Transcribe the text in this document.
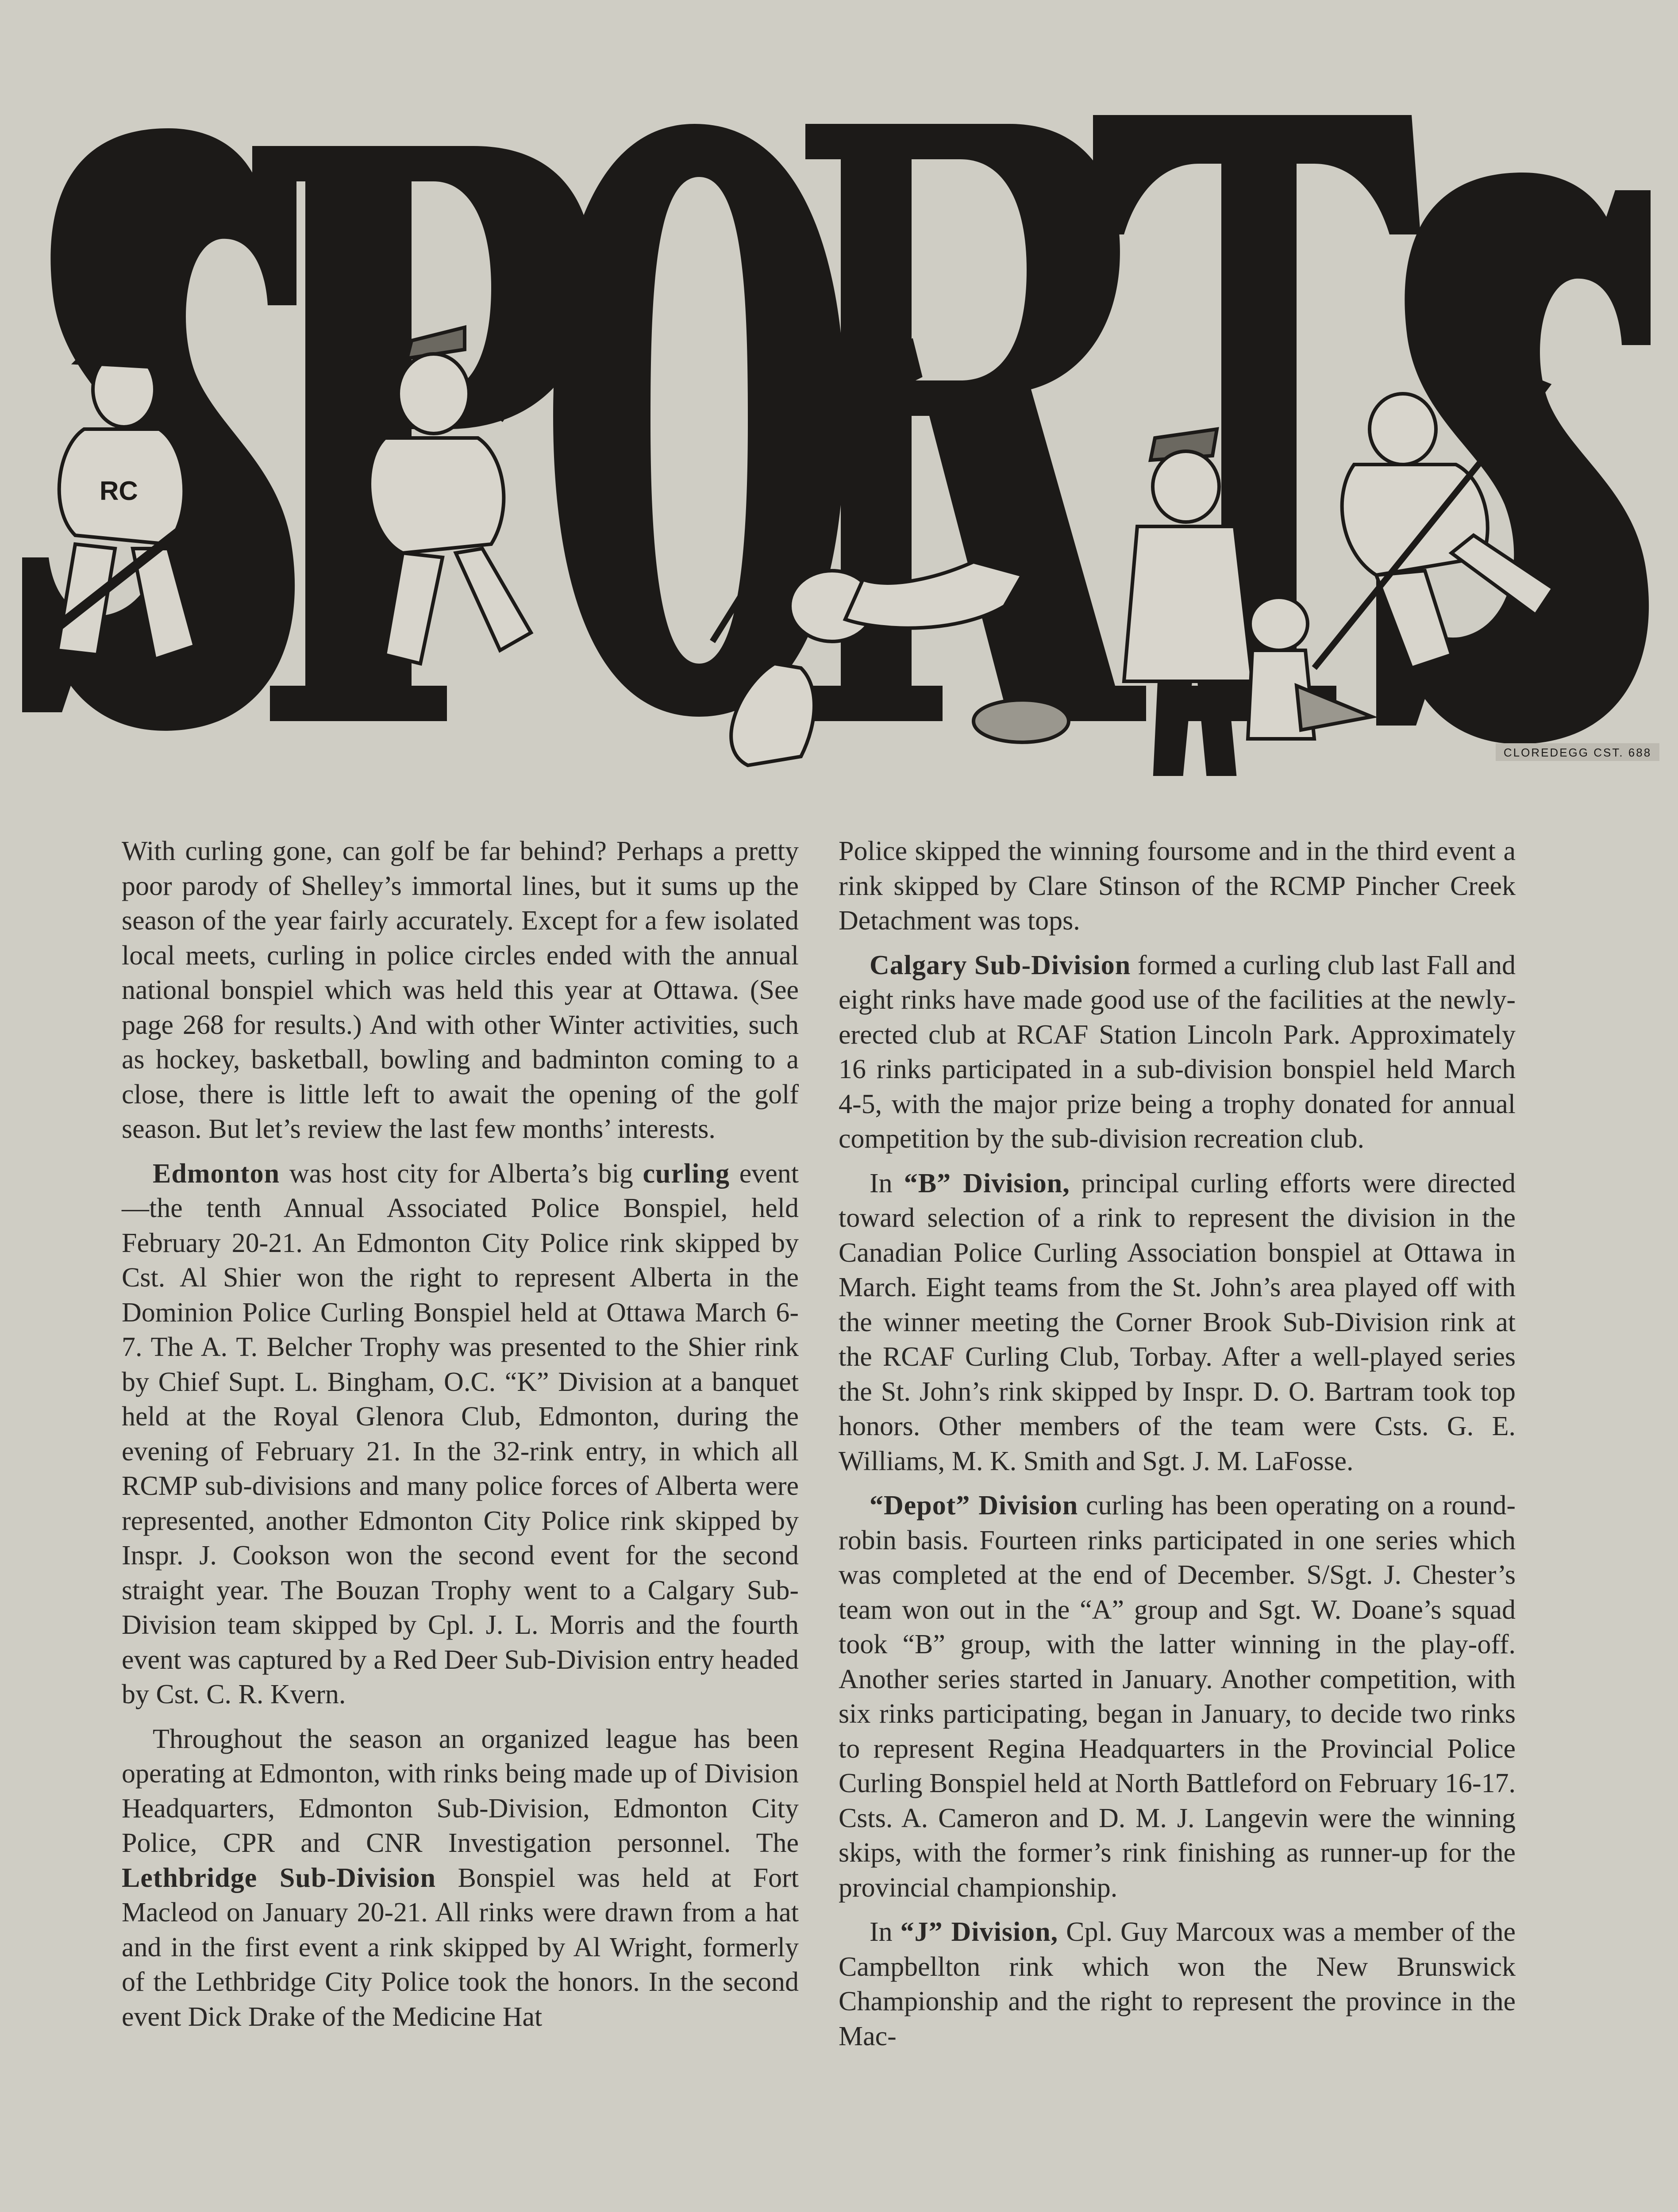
RC
CLOREDEGG CST. 688

With curling gone, can golf be far behind? Perhaps a pretty poor parody of Shelley’s immortal lines, but it sums up the season of the year fairly accurately. Except for a few isolated local meets, curling in police circles ended with the annual national bonspiel which was held this year at Ottawa. (See page 268 for results.) And with other Winter activities, such as hockey, basketball, bowling and badminton coming to a close, there is little left to await the opening of the golf season. But let’s review the last few months’ interests.

Edmonton was host city for Alberta’s big curling event—the tenth Annual Associated Police Bonspiel, held February 20-21. An Edmonton City Police rink skipped by Cst. Al Shier won the right to represent Alberta in the Dominion Police Curling Bonspiel held at Ottawa March 6-7. The A. T. Belcher Trophy was presented to the Shier rink by Chief Supt. L. Bingham, O.C. “K” Division at a banquet held at the Royal Glenora Club, Edmonton, during the evening of February 21. In the 32-rink entry, in which all RCMP sub-divisions and many police forces of Alberta were represented, another Edmonton City Police rink skipped by Inspr. J. Cookson won the second event for the second straight year. The Bouzan Trophy went to a Calgary Sub-Division team skipped by Cpl. J. L. Morris and the fourth event was captured by a Red Deer Sub-Division entry headed by Cst. C. R. Kvern.

Throughout the season an organized league has been operating at Edmonton, with rinks being made up of Division Headquarters, Edmonton Sub-Division, Edmonton City Police, CPR and CNR Investigation personnel. The Lethbridge Sub-Division Bonspiel was held at Fort Macleod on January 20-21. All rinks were drawn from a hat and in the first event a rink skipped by Al Wright, formerly of the Lethbridge City Police took the honors. In the second event Dick Drake of the Medicine Hat

Police skipped the winning foursome and in the third event a rink skipped by Clare Stinson of the RCMP Pincher Creek Detachment was tops.

Calgary Sub-Division formed a curling club last Fall and eight rinks have made good use of the facilities at the newly-erected club at RCAF Station Lincoln Park. Approximately 16 rinks participated in a sub-division bonspiel held March 4-5, with the major prize being a trophy donated for annual competition by the sub-division recreation club.

In “B” Division, principal curling efforts were directed toward selection of a rink to represent the division in the Canadian Police Curling Association bonspiel at Ottawa in March. Eight teams from the St. John’s area played off with the winner meeting the Corner Brook Sub-Division rink at the RCAF Curling Club, Torbay. After a well-played series the St. John’s rink skipped by Inspr. D. O. Bartram took top honors. Other members of the team were Csts. G. E. Williams, M. K. Smith and Sgt. J. M. LaFosse.

“Depot” Division curling has been operating on a round-robin basis. Fourteen rinks participated in one series which was completed at the end of December. S/Sgt. J. Chester’s team won out in the “A” group and Sgt. W. Doane’s squad took “B” group, with the latter winning in the play-off. Another series started in January. Another competition, with six rinks participating, began in January, to decide two rinks to represent Regina Headquarters in the Provincial Police Curling Bonspiel held at North Battleford on February 16-17. Csts. A. Cameron and D. M. J. Langevin were the winning skips, with the former’s rink finishing as runner-up for the provincial championship.

In “J” Division, Cpl. Guy Marcoux was a member of the Campbellton rink which won the New Brunswick Championship and the right to represent the province in the Mac-
